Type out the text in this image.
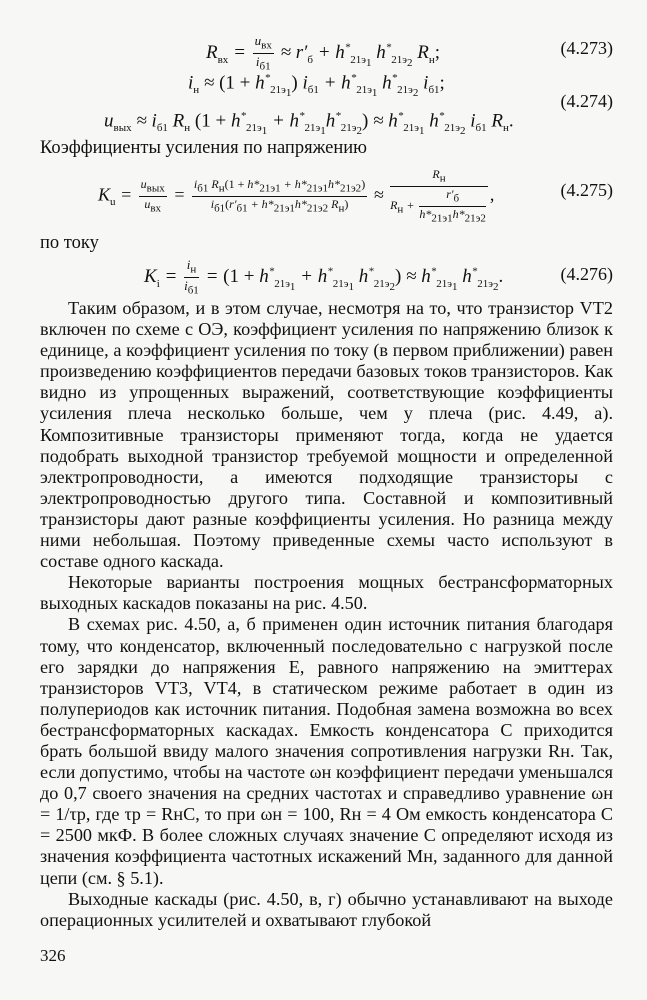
$R_{вх} = \frac{u_{вх}}{i_{б1}} \approx r'_б + h^*_{21э_1}$ $h^*_{21э_2}$ $R_н$;	(4.273)
$i_н \approx (1 + h^*_{21э_1}) i_{б1} + h^*_{21э_1}$ $h^*_{21э_2}$ $i_{б1}$;
(4.274)
$u_{вых} \approx i_{б1}$ $R_н$ $(1 + h^*_{21э_1} + h^*_{21э_1}h^*_{21э_2}) \approx h^*_{21э_1}$ $h^*_{21э_2}$ $i_{б1}$ $R_н$.
Коэффициенты усиления по напряжению
$K_u = \frac{u_{вых}}{u_{вх}} = \frac{i_{б1} R_н(1 + h*_{21э1} + h*_{21э1}h*_{21э2})}{i_{б1}(r'_{б1} + h*_{21э1}h*_{21э2} R_н)} \approx \frac{R_н}{R_н + \frac{r'_б}{h*_{21э1}h*_{21э2}}}$ ,	(4.275)
по току
$K_i = \frac{i_н}{i_{б1}} = (1 + h^*_{21э_1} + h^*_{21э_1}$ $h^*_{21э_2}) \approx h^*_{21э_1}$ $h^*_{21э_2}$.	(4.276)

Таким образом, и в этом случае, несмотря на то, что транзистор VT2 включен по схеме с ОЭ, коэффициент усиления по напряжению близок к единице, а коэффициент усиления по току (в первом приближении) равен произведению коэффициентов передачи базовых токов транзисторов. Как видно из упрощенных выражений, соответствующие коэффициенты усиления плеча несколько больше, чем у плеча (рис. 4.49, а). Композитивные транзисторы применяют тогда, когда не удается подобрать выходной транзистор требуемой мощности и определенной электропроводности, а имеются подходящие транзисторы с электропроводностью другого типа. Составной и композитивный транзисторы дают разные коэффициенты усиления. Но разница между ними небольшая. Поэтому приведенные схемы часто используют в составе одного каскада.

Некоторые варианты построения мощных бестрансформаторных выходных каскадов показаны на рис. 4.50.

В схемах рис. 4.50, а, б применен один источник питания благодаря тому, что конденсатор, включенный последовательно с нагрузкой после его зарядки до напряжения E, равного напряжению на эмиттерах транзисторов VT3, VT4, в статическом режиме работает в один из полупериодов как источник питания. Подобная замена возможна во всех бестрансформаторных каскадах. Емкость конденсатора C приходится брать большой ввиду малого значения сопротивления нагрузки Rн. Так, если допустимо, чтобы на частоте ωн коэффициент передачи уменьшался до 0,7 своего значения на средних частотах и справедливо уравнение ωн = 1/τр, где τр = RнC, то при ωн = 100, Rн = 4 Ом емкость конденсатора C = 2500 мкФ. В более сложных случаях значение C определяют исходя из значения коэффициента частотных искажений Mн, заданного для данной цепи (см. § 5.1).

Выходные каскады (рис. 4.50, в, г) обычно устанавливают на выходе операционных усилителей и охватывают глубокой

326
